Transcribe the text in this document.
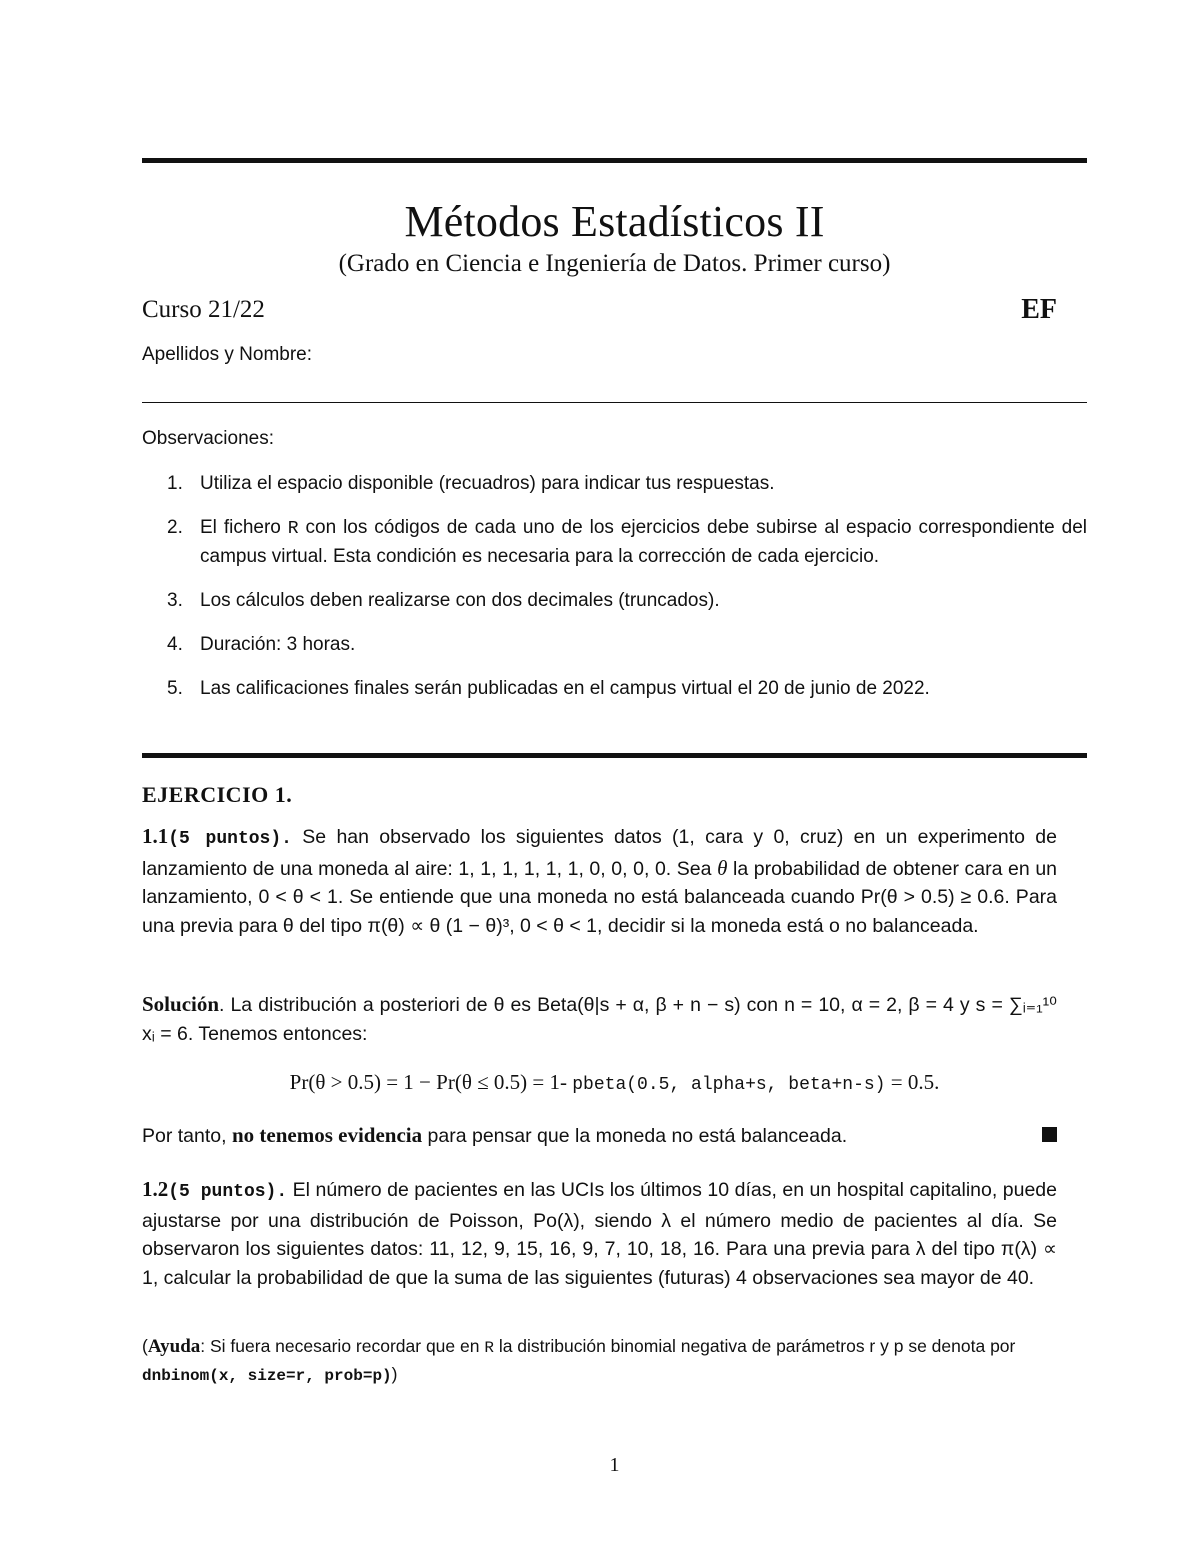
Métodos Estadísticos II
(Grado en Ciencia e Ingeniería de Datos. Primer curso)
Curso 21/22	EF
Apellidos y Nombre:
Observaciones:
1. Utiliza el espacio disponible (recuadros) para indicar tus respuestas.
2. El fichero R con los códigos de cada uno de los ejercicios debe subirse al espacio correspondiente del campus virtual. Esta condición es necesaria para la corrección de cada ejercicio.
3. Los cálculos deben realizarse con dos decimales (truncados).
4. Duración: 3 horas.
5. Las calificaciones finales serán publicadas en el campus virtual el 20 de junio de 2022.
EJERCICIO 1.
1.1(5 puntos). Se han observado los siguientes datos (1, cara y 0, cruz) en un experimento de lanzamiento de una moneda al aire: 1, 1, 1, 1, 1, 1, 0, 0, 0, 0. Sea θ la probabilidad de obtener cara en un lanzamiento, 0 < θ < 1. Se entiende que una moneda no está balanceada cuando Pr(θ > 0.5) ≥ 0.6. Para una previa para θ del tipo π(θ) ∝ θ (1 − θ)³, 0 < θ < 1, decidir si la moneda está o no balanceada.
Solución. La distribución a posteriori de θ es Beta(θ|s + α, β + n − s) con n = 10, α = 2, β = 4 y s = ∑ᵢ₌₁¹⁰ xᵢ = 6. Tenemos entonces:
Pr(θ > 0.5) = 1 − Pr(θ ≤ 0.5) = 1- pbeta(0.5, alpha+s, beta+n-s) = 0.5.
Por tanto, no tenemos evidencia para pensar que la moneda no está balanceada.
1.2(5 puntos). El número de pacientes en las UCIs los últimos 10 días, en un hospital capitalino, puede ajustarse por una distribución de Poisson, Po(λ), siendo λ el número medio de pacientes al día. Se observaron los siguientes datos: 11, 12, 9, 15, 16, 9, 7, 10, 18, 16. Para una previa para λ del tipo π(λ) ∝ 1, calcular la probabilidad de que la suma de las siguientes (futuras) 4 observaciones sea mayor de 40.
(Ayuda: Si fuera necesario recordar que en R la distribución binomial negativa de parámetros r y p se denota por dnbinom(x, size=r, prob=p))
1
